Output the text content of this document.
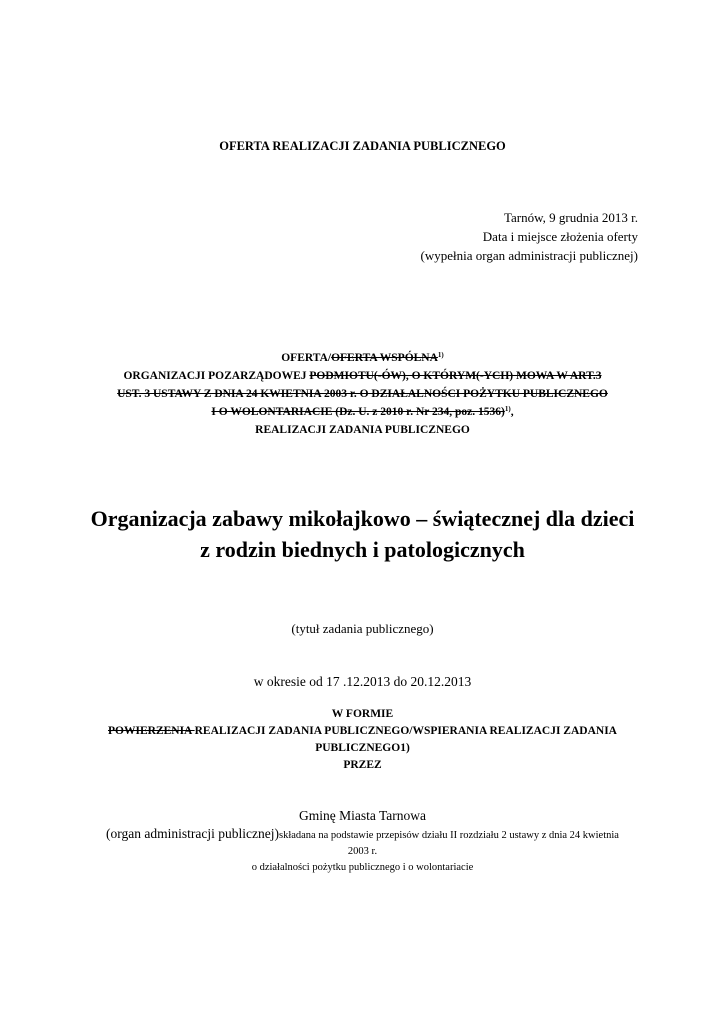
OFERTA REALIZACJI ZADANIA PUBLICZNEGO
Tarnów, 9 grudnia 2013 r.
Data i miejsce złożenia oferty
(wypełnia organ administracji publicznej)
OFERTA/OFERTA WSPÓLNA$^{1)}$
ORGANIZACJI POZARZĄDOWEJ PODMIOTU(-ÓW), O KTÓRYM(-YCH) MOWA W ART.3
UST. 3 USTAWY Z DNIA 24 KWIETNIA 2003 r. O DZIAŁALNOŚCI POŻYTKU PUBLICZNEGO
I O WOLONTARIACIE (Dz. U. z 2010 r. Nr 234, poz. 1536)$^{1)}$,
REALIZACJI ZADANIA PUBLICZNEGO
Organizacja zabawy mikołajkowo – świątecznej dla dzieci
z rodzin biednych i patologicznych
(tytuł zadania publicznego)
w okresie od 17 .12.2013 do 20.12.2013
W FORMIE
POWIERZENIA REALIZACJI ZADANIA PUBLICZNEGO/WSPIERANIA REALIZACJI ZADANIA
PUBLICZNEGO1)
PRZEZ
Gminę Miasta Tarnowa
(organ administracji publicznej)składana na podstawie przepisów działu II rozdziału 2 ustawy z dnia 24 kwietnia
2003 r.
o działalności pożytku publicznego i o wolontariacie
